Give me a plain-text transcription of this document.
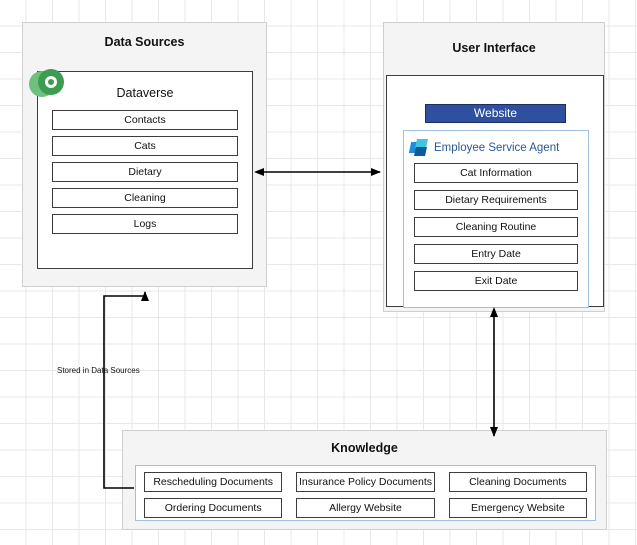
Data Sources
Dataverse
Contacts
Cats
Dietary
Cleaning
Logs
User Interface
Website
Employee Service Agent
Cat Information
Dietary Requirements
Cleaning Routine
Entry Date
Exit Date
Knowledge
Rescheduling Documents	Insurance Policy Documents	Cleaning Documents
Ordering Documents	Allergy Website	Emergency Website
Stored in Data Sources
